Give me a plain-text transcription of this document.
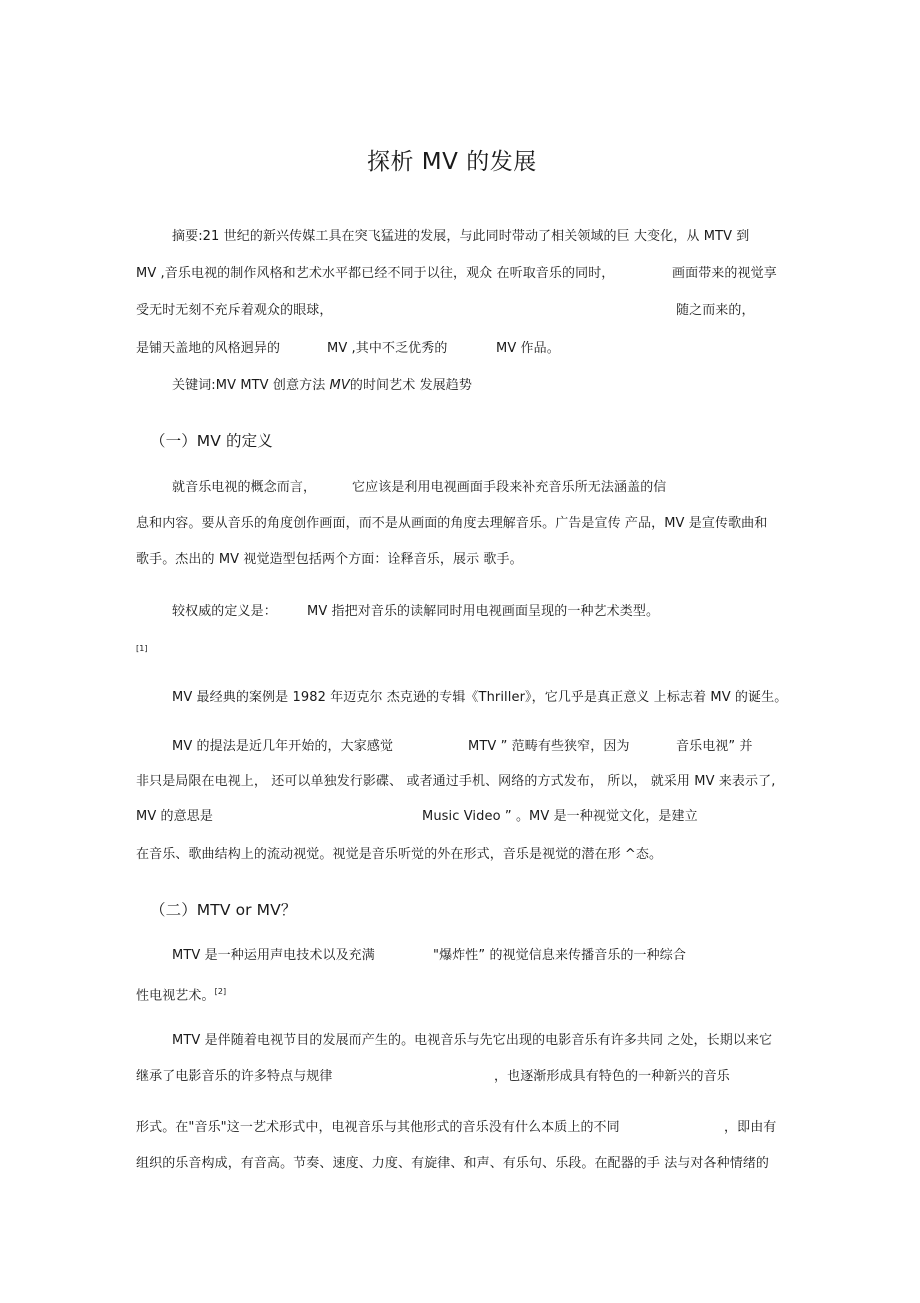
探析 MV 的发展
摘要:21 世纪的新兴传媒工具在突飞猛进的发展，与此同时带动了相关领域的巨 大变化，从 MTV 到
MV ,音乐电视的制作风格和艺术水平都已经不同于以往，观众 在听取音乐的同时，	画面带来的视觉享
受无时无刻不充斥着观众的眼球，	随之而来的，
是铺天盖地的风格迥异的	MV ,其中不乏优秀的	MV 作品。
关键词:MV MTV 创意方法 MV的时间艺术 发展趋势
（一）MV 的定义
就音乐电视的概念而言，	它应该是利用电视画面手段来补充音乐所无法涵盖的信
息和内容。要从音乐的角度创作画面，而不是从画面的角度去理解音乐。广告是宣传 产品，MV 是宣传歌曲和
歌手。杰出的 MV 视觉造型包括两个方面：诠释音乐，展示 歌手。
较权威的定义是： MV 指把对音乐的读解同时用电视画面呈现的一种艺术类型。
[1]
MV 最经典的案例是 1982 年迈克尔 杰克逊的专辑《Thriller》，它几乎是真正意义 上标志着 MV 的诞生。
MV 的提法是近几年开始的，大家感觉	MTV ” 范畴有些狭窄，因为	音乐电视” 并
非只是局限在电视上， 还可以单独发行影碟、 或者通过手机、网络的方式发布， 所以， 就采用 MV 来表示了,
MV 的意思是	Music Video ” 。MV 是一种视觉文化，是建立
在音乐、歌曲结构上的流动视觉。视觉是音乐听觉的外在形式，音乐是视觉的潜在形 ^态。
（二）MTV or MV？
MTV 是一种运用声电技术以及充满	"爆炸性” 的视觉信息来传播音乐的一种综合
性电视艺术。[2]
MTV 是伴随着电视节目的发展而产生的。电视音乐与先它出现的电影音乐有许多共同 之处，长期以来它
继承了电影音乐的许多特点与规律	，也逐渐形成具有特色的一种新兴的音乐
形式。在"音乐"这一艺术形式中，电视音乐与其他形式的音乐没有什么本质上的不同	，即由有
组织的乐音构成，有音高。节奏、速度、力度、有旋律、和声、有乐句、乐段。在配器的手 法与对各种情绪的
